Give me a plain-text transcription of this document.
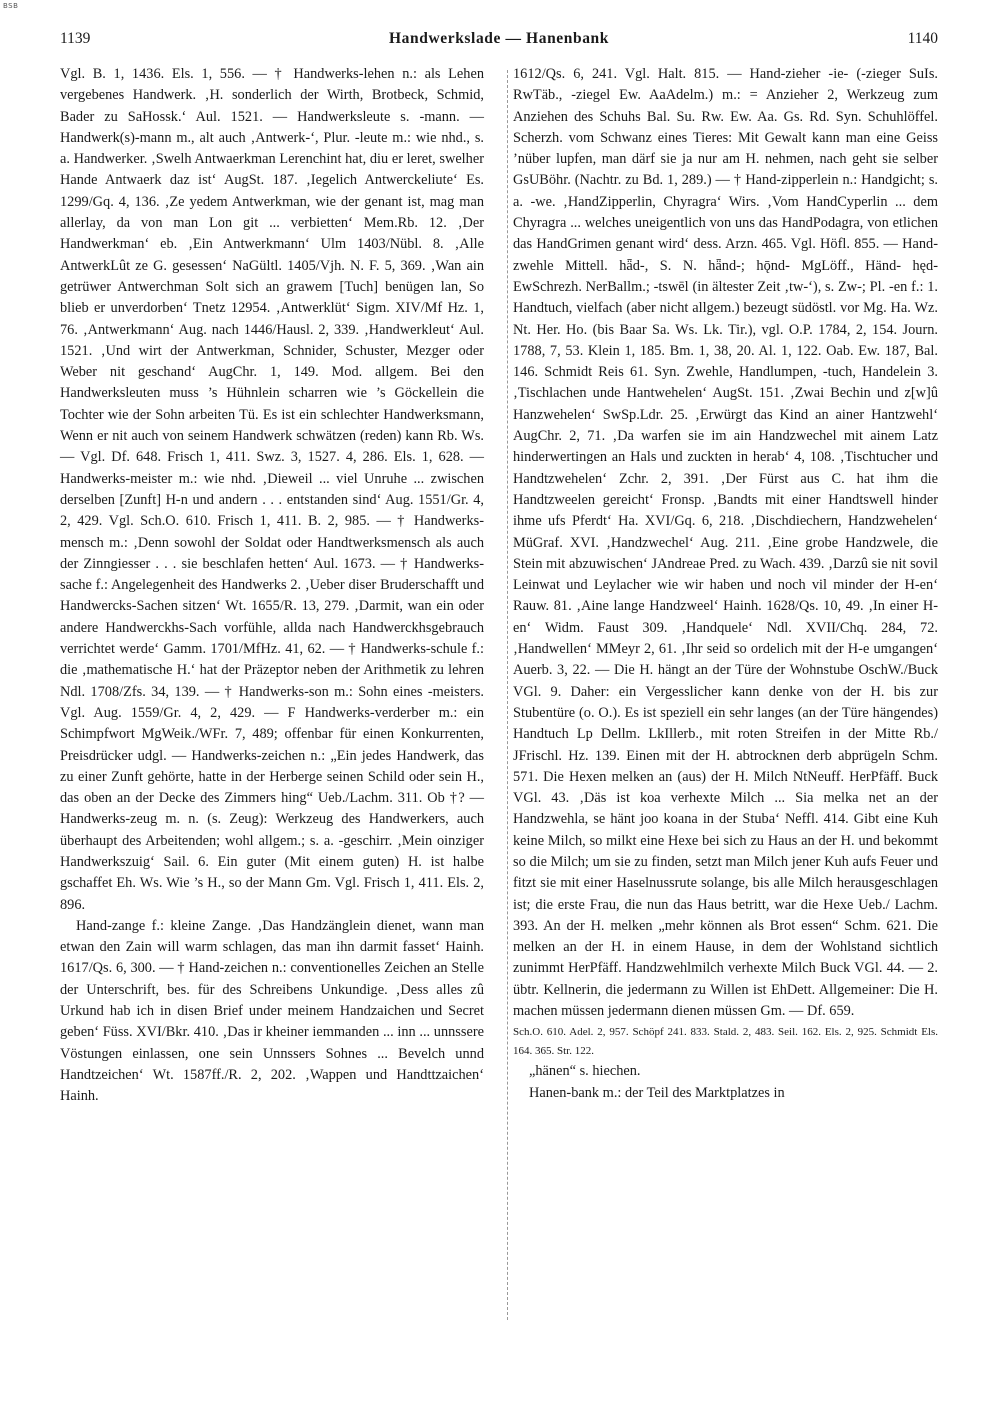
BSB
1139	Handwerkslade — Hanenbank	1140

Vgl. B. 1, 1436. Els. 1, 556. — † Handwerks-lehen n.: als Lehen vergebenes Handwerk. ‚H. sonderlich der Wirth, Brotbeck, Schmid, Bader zu SaHossk.‘ Aul. 1521. — Handwerksleute s. -mann. — Handwerk(s)-mann m., alt auch ‚Antwerk-‘, Plur. -leute m.: wie nhd., s. a. Handwerker. ‚Swelh Antwaerkman Lerenchint hat, diu er leret, swelher Hande Antwaerk daz ist‘ AugSt. 187. ‚Iegelich Antwerckeliute‘ Es. 1299/Gq. 4, 136. ‚Ze yedem Antwerkman, wie der genant ist, mag man allerlay, da von man Lon git ... verbietten‘ Mem.Rb. 12. ‚Der Handwerkman‘ eb. ‚Ein Antwerkmann‘ Ulm 1403/Nübl. 8. ‚Alle AntwerkLût ze G. gesessen‘ NaGültl. 1405/Vjh. N. F. 5, 369. ‚Wan ain getrüwer Antwerchman Solt sich an grawem [Tuch] benügen lan, So blieb er unverdorben‘ Tnetz 12954. ‚Antwerklüt‘ Sigm. XIV/Mf Hz. 1, 76. ‚Antwerkmann‘ Aug. nach 1446/Hausl. 2, 339. ‚Handwerkleut‘ Aul. 1521. ‚Und wirt der Antwerkman, Schnider, Schuster, Mezger oder Weber nit geschand‘ AugChr. 1, 149. Mod. allgem. Bei den Handwerksleuten muss ’s Hühnlein scharren wie ’s Göckellein die Tochter wie der Sohn arbeiten Tü. Es ist ein schlechter Handwerksmann, Wenn er nit auch von seinem Handwerk schwätzen (reden) kann Rb. Ws. — Vgl. Df. 648. Frisch 1, 411. Swz. 3, 1527. 4, 286. Els. 1, 628. — Handwerks-meister m.: wie nhd. ‚Dieweil ... viel Unruhe ... zwischen derselben [Zunft] H-n und andern . . . entstanden sind‘ Aug. 1551/Gr. 4, 2, 429. Vgl. Sch.O. 610. Frisch 1, 411. B. 2, 985. — † Handwerks-mensch m.: ‚Denn sowohl der Soldat oder Handtwerksmensch als auch der Zinngiesser . . . sie beschlafen hetten‘ Aul. 1673. — † Handwerks-sache f.: Angelegenheit des Handwerks 2. ‚Ueber diser Bruderschafft und Handwercks-Sachen sitzen‘ Wt. 1655/R. 13, 279. ‚Darmit, wan ein oder andere Handwerckhs-Sach vorfühle, allda nach Handwerckhsgebrauch verrichtet werde‘ Gamm. 1701/MfHz. 41, 62. — † Handwerks-schule f.: die ‚mathematische H.‘ hat der Präzeptor neben der Arithmetik zu lehren Ndl. 1708/Zfs. 34, 139. — † Handwerks-son m.: Sohn eines -meisters. Vgl. Aug. 1559/Gr. 4, 2, 429. — F Handwerks-verderber m.: ein Schimpfwort MgWeik./WFr. 7, 489; offenbar für einen Konkurrenten, Preisdrücker udgl. — Handwerks-zeichen n.: „Ein jedes Handwerk, das zu einer Zunft gehörte, hatte in der Herberge seinen Schild oder sein H., das oben an der Decke des Zimmers hing“ Ueb./Lachm. 311. Ob †? — Handwerks-zeug m. n. (s. Zeug): Werkzeug des Handwerkers, auch überhaupt des Arbeitenden; wohl allgem.; s. a. -geschirr. ‚Mein oinziger Handwerkszuig‘ Sail. 6. Ein guter (Mit einem guten) H. ist halbe gschaffet Eh. Ws. Wie ’s H., so der Mann Gm. Vgl. Frisch 1, 411. Els. 2, 896.

Hand-zange f.: kleine Zange. ‚Das Handzänglein dienet, wann man etwan den Zain will warm schlagen, das man ihn darmit fasset‘ Hainh. 1617/Qs. 6, 300. — † Hand-zeichen n.: conventionelles Zeichen an Stelle der Unterschrift, bes. für des Schreibens Unkundige. ‚Dess alles zû Urkund hab ich in disen Brief under meinem Handzaichen und Secret geben‘ Füss. XVI/Bkr. 410. ‚Das ir kheiner iemmanden ... inn ... unnssere Vöstungen einlassen, one sein Unnssers Sohnes ... Bevelch unnd Handtzeichen‘ Wt. 1587ff./R. 2, 202. ‚Wappen und Handttzaichen‘ Hainh.

1612/Qs. 6, 241. Vgl. Halt. 815. — Hand-zieher -ie- (-zieger SuIs. RwTäb., -ziegel Ew. AaAdelm.) m.: = Anzieher 2, Werkzeug zum Anziehen des Schuhs Bal. Su. Rw. Ew. Aa. Gs. Rd. Syn. Schuhlöffel. Scherzh. vom Schwanz eines Tieres: Mit Gewalt kann man eine Geiss ’nüber lupfen, man därf sie ja nur am H. nehmen, nach geht sie selber GsUBöhr. (Nachtr. zu Bd. 1, 289.) — † Hand-zipperlein n.: Handgicht; s. a. -we. ‚HandZipperlin, Chyragra‘ Wirs. ‚Vom HandCyperlin ... dem Chyragra ... welches uneigentlich von uns das HandPodagra, von etlichen das HandGrimen genant wird‘ dess. Arzn. 465. Vgl. Höfl. 855. — Hand-zwehle Mittell. hǟd-, S. N. hǟnd-; hǭnd- MgLöff., Händ- hęd- EwSchrezh. NerBallm.; -tswēl (in ältester Zeit ‚tw-‘), s. Zw-; Pl. -en f.: 1. Handtuch, vielfach (aber nicht allgem.) bezeugt südöstl. vor Mg. Ha. Wz. Nt. Her. Ho. (bis Baar Sa. Ws. Lk. Tir.), vgl. O.P. 1784, 2, 154. Journ. 1788, 7, 53. Klein 1, 185. Bm. 1, 38, 20. Al. 1, 122. Oab. Ew. 187, Bal. 146. Schmidt Reis 61. Syn. Zwehle, Handlumpen, -tuch, Handelein 3. ‚Tischlachen unde Hantwehelen‘ AugSt. 151. ‚Zwai Bechin und z[w]û Hanzwehelen‘ SwSp.Ldr. 25. ‚Erwürgt das Kind an ainer Hantzwehl‘ AugChr. 2, 71. ‚Da warfen sie im ain Handzwechel mit ainem Latz hinderwertingen an Hals und zuckten in herab‘ 4, 108. ‚Tischtucher und Handtzwehelen‘ Zchr. 2, 391. ‚Der Fürst aus C. hat ihm die Handtzweelen gereicht‘ Fronsp. ‚Bandts mit einer Handtswell hinder ihme ufs Pferdt‘ Ha. XVI/Gq. 6, 218. ‚Dischdiechern, Handzwehelen‘ MüGraf. XVI. ‚Handzwechel‘ Aug. 211. ‚Eine grobe Handzwele, die Stein mit abzuwischen‘ JAndreae Pred. zu Wach. 439. ‚Darzû sie nit sovil Leinwat und Leylacher wie wir haben und noch vil minder der H-en‘ Rauw. 81. ‚Aine lange Handzweel‘ Hainh. 1628/Qs. 10, 49. ‚In einer H-en‘ Widm. Faust 309. ‚Handquele‘ Ndl. XVII/Chq. 284, 72. ‚Handwellen‘ MMeyr 2, 61. ‚Ihr seid so ordelich mit der H-e umgangen‘ Auerb. 3, 22. — Die H. hängt an der Türe der Wohnstube OschW./Buck VGl. 9. Daher: ein Vergesslicher kann denke von der H. bis zur Stubentüre (o. O.). Es ist speziell ein sehr langes (an der Türe hängendes) Handtuch Lp Dellm. LkIllerb., mit roten Streifen in der Mitte Rb./ JFrischl. Hz. 139. Einen mit der H. abtrocknen derb abprügeln Schm. 571. Die Hexen melken an (aus) der H. Milch NtNeuff. HerPfäff. Buck VGl. 43. ‚Däs ist koa verhexte Milch ... Sia melka net an der Handzwehla, se hänt joo koana in der Stuba‘ Neffl. 414. Gibt eine Kuh keine Milch, so milkt eine Hexe bei sich zu Haus an der H. und bekommt so die Milch; um sie zu finden, setzt man Milch jener Kuh aufs Feuer und fitzt sie mit einer Haselnussrute solange, bis alle Milch herausgeschlagen ist; die erste Frau, die nun das Haus betritt, war die Hexe Ueb./ Lachm. 393. An der H. melken „mehr können als Brot essen“ Schm. 621. Die melken an der H. in einem Hause, in dem der Wohlstand sichtlich zunimmt HerPfäff. Handzwehlmilch verhexte Milch Buck VGl. 44. — 2. übtr. Kellnerin, die jedermann zu Willen ist EhDett. Allgemeiner: Die H. machen müssen jedermann dienen müssen Gm. — Df. 659.

Sch.O. 610. Adel. 2, 957. Schöpf 241. 833. Stald. 2, 483. Seil. 162. Els. 2, 925. Schmidt Els. 164. 365. Str. 122.

„hänen“ s. hiechen.

Hanen-bank m.: der Teil des Marktplatzes in
